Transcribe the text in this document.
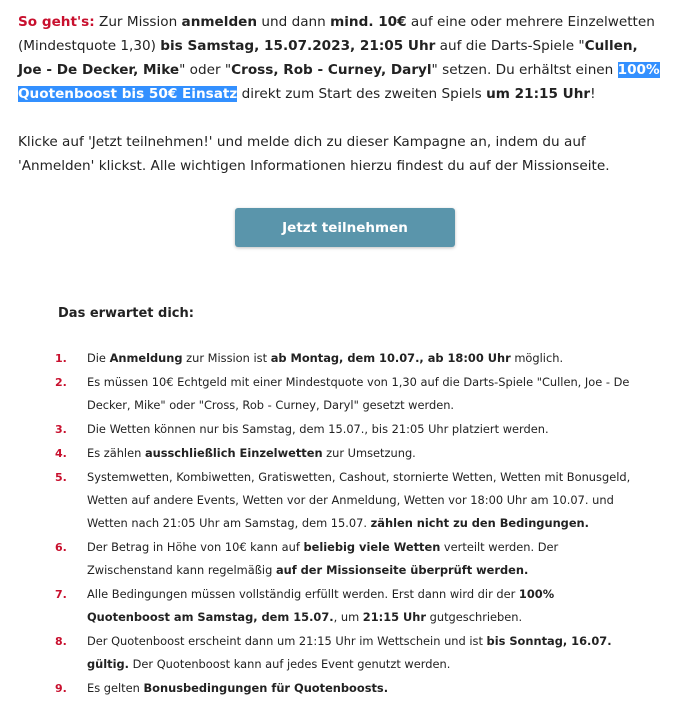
So geht's: Zur Mission anmelden und dann mind. 10€ auf eine oder mehrere Einzelwetten (Mindestquote 1,30) bis Samstag, 15.07.2023, 21:05 Uhr auf die Darts-Spiele "Cullen, Joe - De Decker, Mike" oder "Cross, Rob - Curney, Daryl" setzen. Du erhältst einen 100% Quotenboost bis 50€ Einsatz direkt zum Start des zweiten Spiels um 21:15 Uhr!

Klicke auf 'Jetzt teilnehmen!' und melde dich zu dieser Kampagne an, indem du auf 'Anmelden' klickst. Alle wichtigen Informationen hierzu findest du auf der Missionseite.

Jetzt teilnehmen
Das erwartet dich:
1. Die Anmeldung zur Mission ist ab Montag, dem 10.07., ab 18:00 Uhr möglich.
2. Es müssen 10€ Echtgeld mit einer Mindestquote von 1,30 auf die Darts-Spiele "Cullen, Joe - De Decker, Mike" oder "Cross, Rob - Curney, Daryl" gesetzt werden.
3. Die Wetten können nur bis Samstag, dem 15.07., bis 21:05 Uhr platziert werden.
4. Es zählen ausschließlich Einzelwetten zur Umsetzung.
5. Systemwetten, Kombiwetten, Gratiswetten, Cashout, stornierte Wetten, Wetten mit Bonusgeld, Wetten auf andere Events, Wetten vor der Anmeldung, Wetten vor 18:00 Uhr am 10.07. und Wetten nach 21:05 Uhr am Samstag, dem 15.07. zählen nicht zu den Bedingungen.
6. Der Betrag in Höhe von 10€ kann auf beliebig viele Wetten verteilt werden. Der Zwischenstand kann regelmäßig auf der Missionseite überprüft werden.
7. Alle Bedingungen müssen vollständig erfüllt werden. Erst dann wird dir der 100% Quotenboost am Samstag, dem 15.07., um 21:15 Uhr gutgeschrieben.
8. Der Quotenboost erscheint dann um 21:15 Uhr im Wettschein und ist bis Sonntag, 16.07. gültig. Der Quotenboost kann auf jedes Event genutzt werden.
9. Es gelten Bonusbedingungen für Quotenboosts.
